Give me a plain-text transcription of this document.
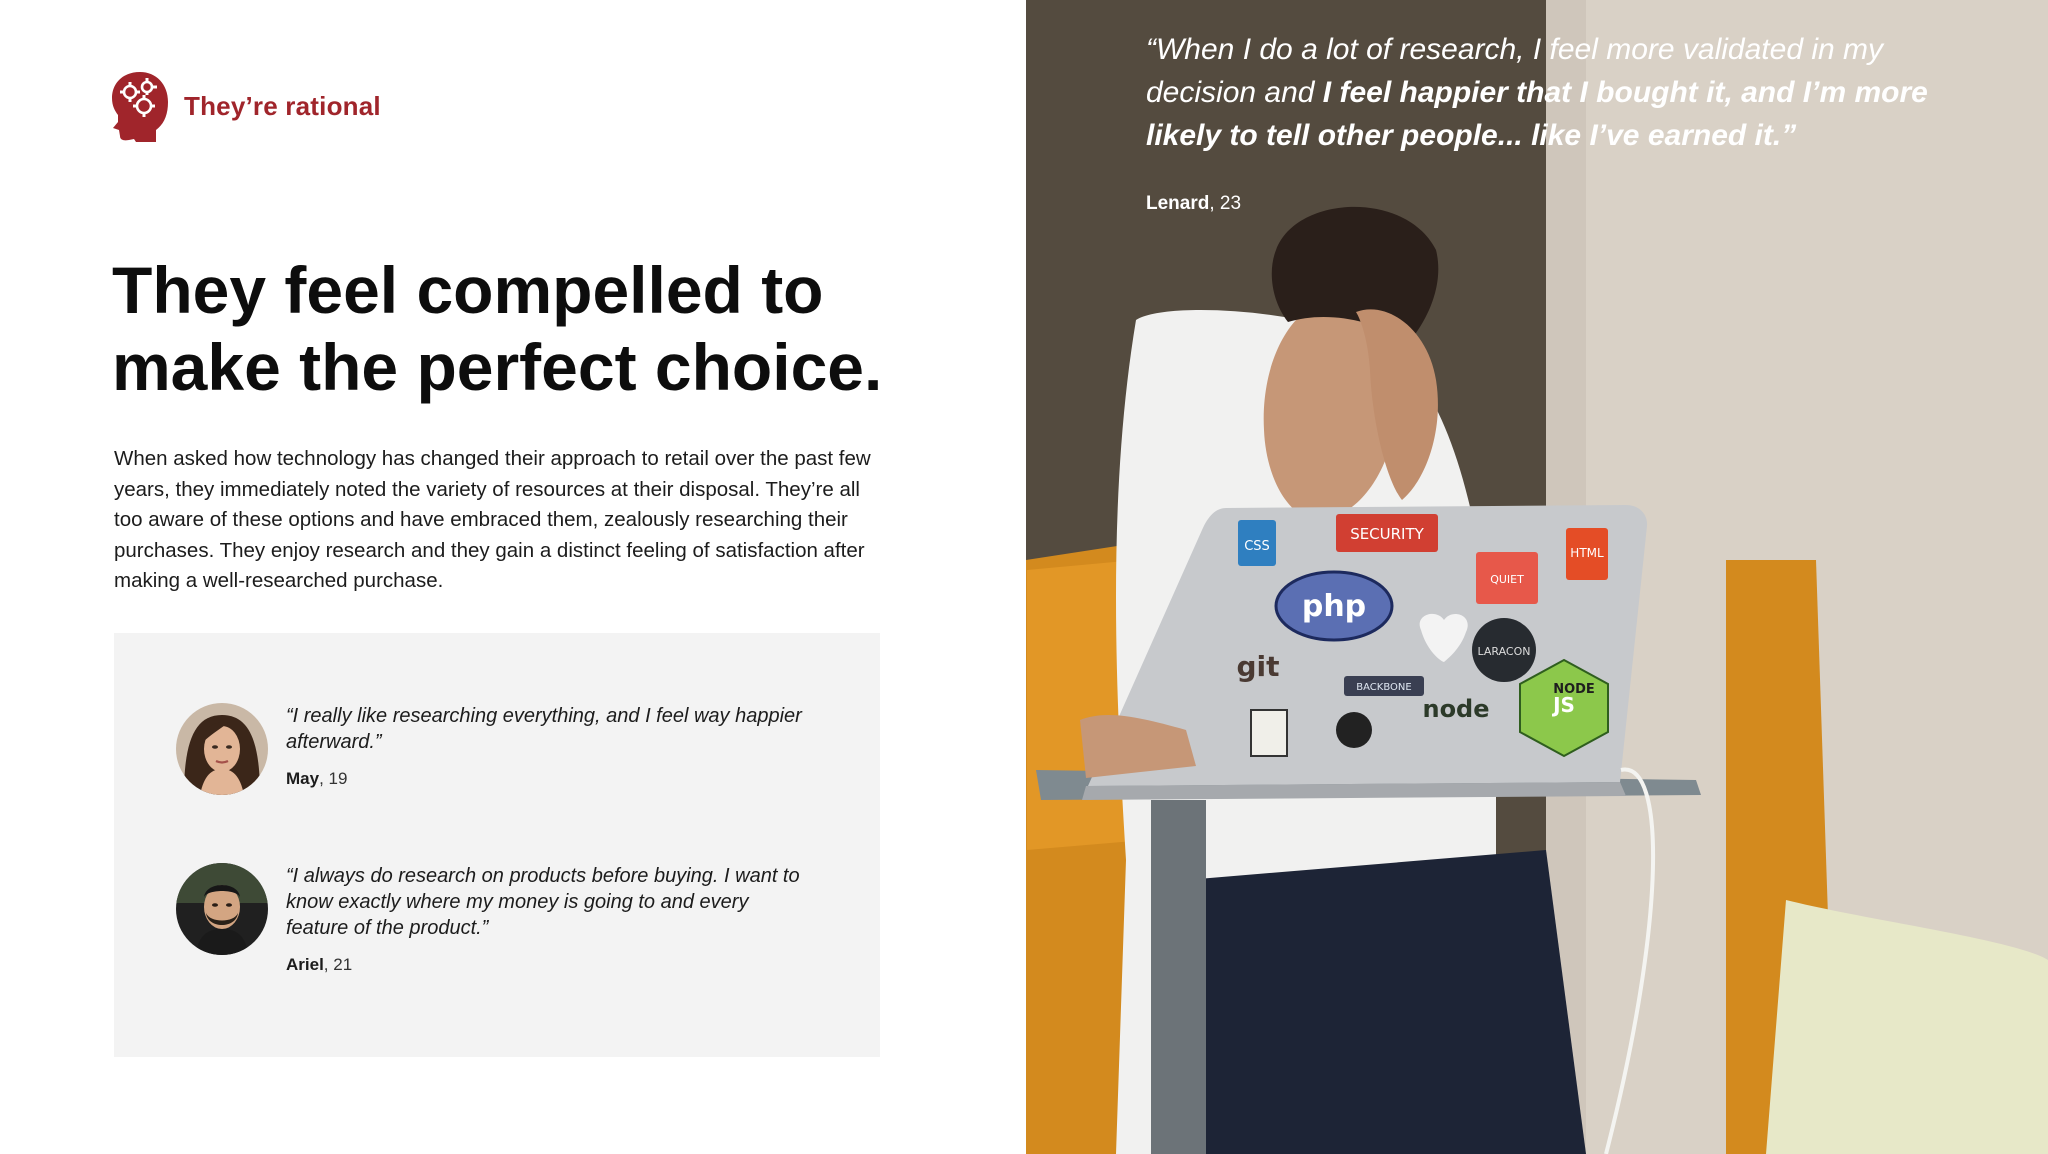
They’re rational
They feel compelled to
make the perfect choice.

When asked how technology has changed their approach to retail over the past few years, they immediately noted the variety of resources at their disposal. They’re all too aware of these options and have embraced them, zealously researching their purchases. They enjoy research and they gain a distinct feeling of satisfaction after making a well-researched purchase.

“I really like researching everything, and I feel way happier afterward.”

May, 19

“I always do research on products before buying. I want to know exactly where my money is going to and every feature of the product.”

Ariel, 21
CSS
SECURITY
HTML
QUIET
php
LARACON
git
BACKBONE
node	JS
NODE

“When I do a lot of research, I feel more validated in my decision and I feel happier that I bought it, and I’m more likely to tell other people... like I’ve earned it.”

Lenard, 23
